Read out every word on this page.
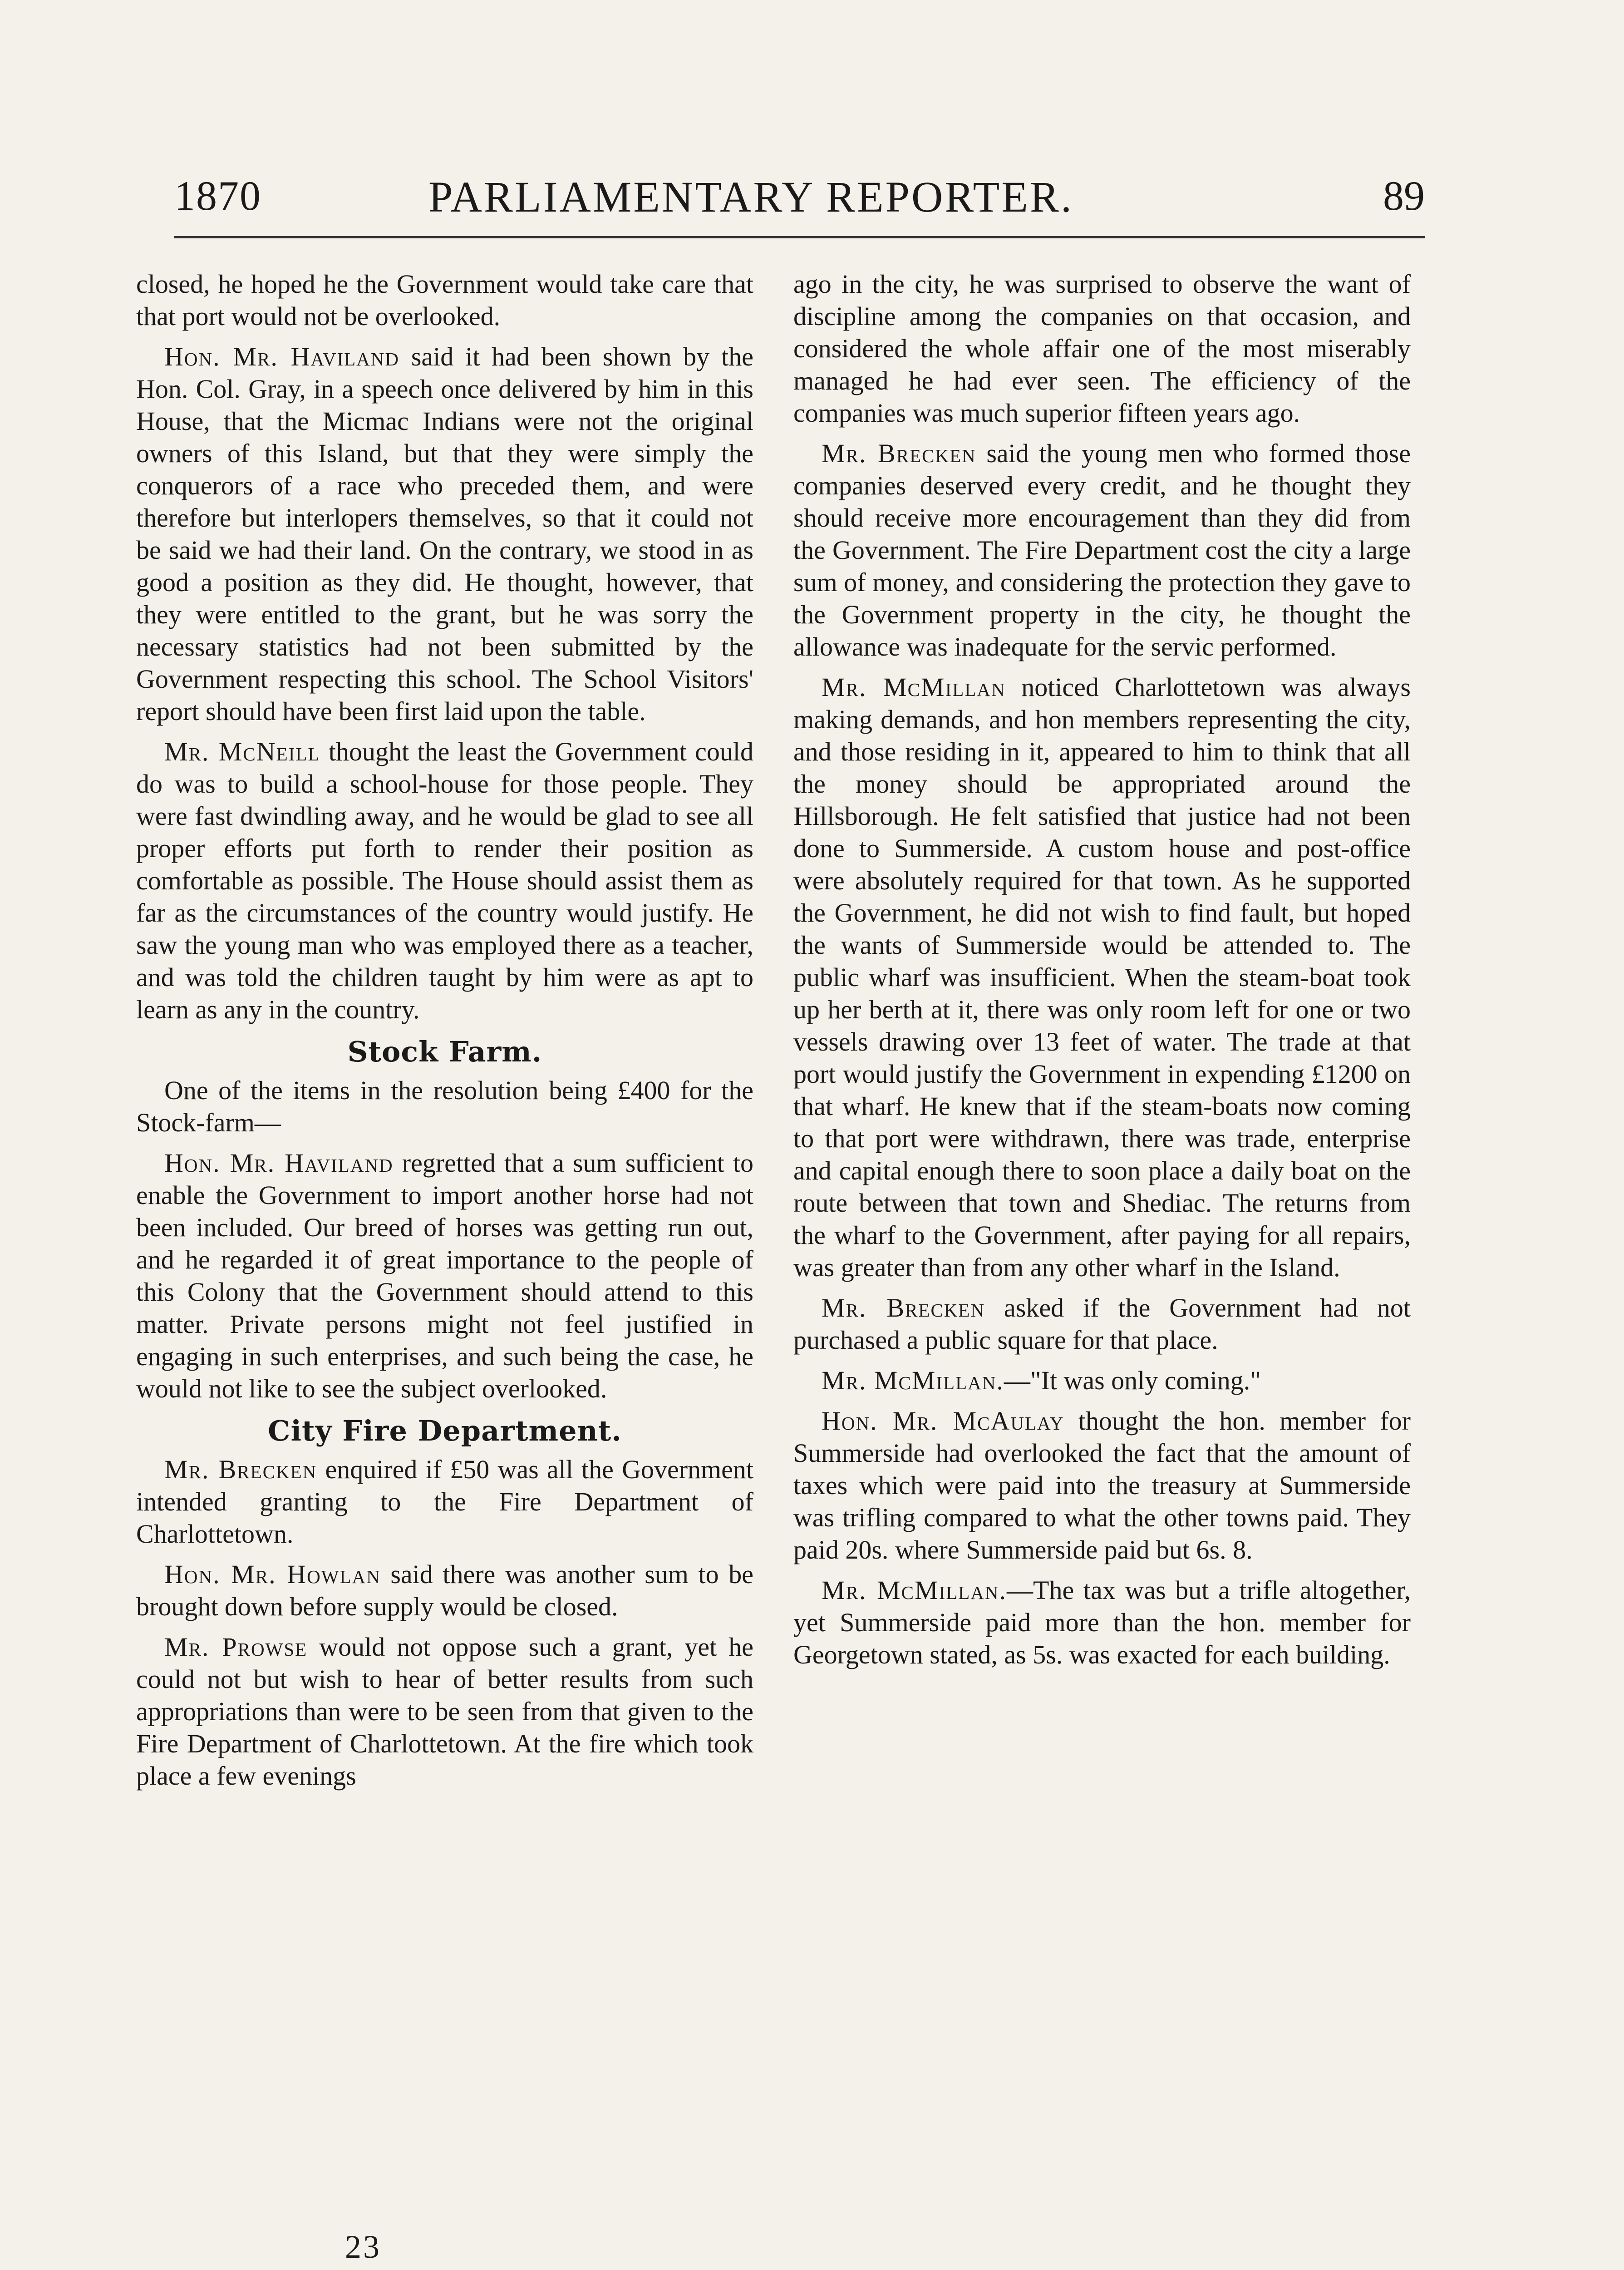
1870	PARLIAMENTARY REPORTER.	89

closed, he hoped he the Government would take care that that port would not be overlooked.

Hon. Mr. Haviland said it had been shown by the Hon. Col. Gray, in a speech once delivered by him in this House, that the Micmac Indians were not the original owners of this Island, but that they were simply the conquerors of a race who preceded them, and were therefore but interlopers themselves, so that it could not be said we had their land. On the contrary, we stood in as good a position as they did. He thought, however, that they were entitled to the grant, but he was sorry the necessary statistics had not been submitted by the Government respecting this school. The School Visitors' report should have been first laid upon the table.

Mr. McNeill thought the least the Government could do was to build a school-house for those people. They were fast dwindling away, and he would be glad to see all proper efforts put forth to render their position as comfortable as possible. The House should assist them as far as the circumstances of the country would justify. He saw the young man who was employed there as a teacher, and was told the children taught by him were as apt to learn as any in the country.

Stock Farm.

One of the items in the resolution being £400 for the Stock-farm—

Hon. Mr. Haviland regretted that a sum sufficient to enable the Government to import another horse had not been included. Our breed of horses was getting run out, and he regarded it of great importance to the people of this Colony that the Government should attend to this matter. Private persons might not feel justified in engaging in such enterprises, and such being the case, he would not like to see the subject overlooked.

City Fire Department.

Mr. Brecken enquired if £50 was all the Government intended granting to the Fire Department of Charlottetown.

Hon. Mr. Howlan said there was another sum to be brought down before supply would be closed.

Mr. Prowse would not oppose such a grant, yet he could not but wish to hear of better results from such appropriations than were to be seen from that given to the Fire Department of Charlottetown. At the fire which took place a few evenings

ago in the city, he was surprised to observe the want of discipline among the companies on that occasion, and considered the whole affair one of the most miserably managed he had ever seen. The efficiency of the companies was much superior fifteen years ago.

Mr. Brecken said the young men who formed those companies deserved every credit, and he thought they should receive more encouragement than they did from the Government. The Fire Department cost the city a large sum of money, and considering the protection they gave to the Government property in the city, he thought the allowance was inadequate for the servic performed.

Mr. McMillan noticed Charlottetown was always making demands, and hon members representing the city, and those residing in it, appeared to him to think that all the money should be appropriated around the Hillsborough. He felt satisfied that justice had not been done to Summerside. A custom house and post-office were absolutely required for that town. As he supported the Government, he did not wish to find fault, but hoped the wants of Summerside would be attended to. The public wharf was insufficient. When the steam-boat took up her berth at it, there was only room left for one or two vessels drawing over 13 feet of water. The trade at that port would justify the Government in expending £1200 on that wharf. He knew that if the steam-boats now coming to that port were withdrawn, there was trade, enterprise and capital enough there to soon place a daily boat on the route between that town and Shediac. The returns from the wharf to the Government, after paying for all repairs, was greater than from any other wharf in the Island.

Mr. Brecken asked if the Government had not purchased a public square for that place.

Mr. McMillan.—"It was only coming."

Hon. Mr. McAulay thought the hon. member for Summerside had overlooked the fact that the amount of taxes which were paid into the treasury at Summerside was trifling compared to what the other towns paid. They paid 20s. where Summerside paid but 6s. 8.

Mr. McMillan.—The tax was but a trifle altogether, yet Summerside paid more than the hon. member for Georgetown stated, as 5s. was exacted for each building.

23
